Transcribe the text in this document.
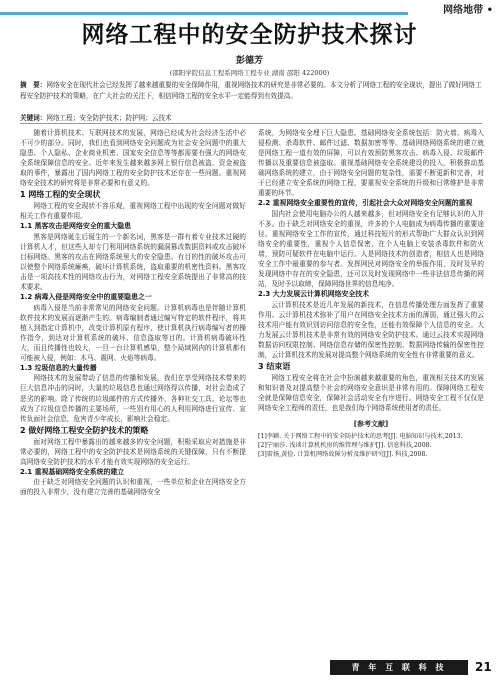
网络地带 •
网络工程中的安全防护技术探讨
彭德芳
(邵阳学院信息工程系网络工程专业 湖南 邵阳 422000)
摘　要：网络安全在现代社会已经发挥了越来越重要的安全保障作用，重视网络技术的研究是非常必要的。本文分析了网络工程的安全现状，提出了做好网络工程安全防护技术的策略，在广大社会的关注下，相信网络工程的安全水平一定能得到有效提高。
关键词：网络工程；安全防护技术；防护网；云技术
随着计算机技术、互联网技术的发展，网络已经成为社会经济生活中必不可少的部分。同时，我们也看到网络安全问题成为社会安全问题中的重大隐患。个人隐私、企业商业机密、国家安全信息等等都需要有强大的网络安全系统保障信息的安全。近年来发生越来越多网上银行信息被盗、资金被盗取的事件，暴露出了国内网络工程的安全防护技术还存在一些问题。重视网络安全技术的研究将是非常必要和有意义的。
1 网络工程的安全现状
网络工程的安全现状不容乐观，重视网络工程中出现的安全问题对做好相关工作有重要作用。
1.1 黑客攻击是网络安全的重大隐患
黑客是网络诞生后诞生的一个新名词，黑客是一群有着专业技术过硬的计算机人才，但这些人却专门利用网络系统的漏洞篡改数据资料或攻击破坏目标网络。黑客的攻击在网络系统里大的安全隐患。有目的性的破坏攻击可以使整个网络系统瘫痪，破坏计算机系统，盗取重要的机密性资料。黑客攻击是一项高技术性的网络攻击行为，对网络工程安全系统提出了非常高的技术要求。
1.2 病毒入侵是网络安全中的重要隐患之一
病毒入侵是当前非常常见的网络安全问题。计算机病毒也是伴随计算机软件技术的发展而逐渐产生的。病毒编制者通过编写特定的软件程序，将其植入到指定计算机中，改变计算机原有程序，使计算机执行病毒编写者的操作指令，到达对计算机系统的破坏、信息盗取等目的。计算机病毒破坏性大，而且传播性也较大，一旦一台计算机感染，整个局域网内的计算机都有可能被入侵，例如：木马、震网、火焰等病毒。
1.3 垃圾信息的大量传播
网络技术的发展带动了信息的传播和发展，我们在享受网络技术带来的巨大信息冲击的同时，大量的垃圾信息也通过网络得以传播，对社会造成了恶劣的影响。除了传统的垃圾邮件的方式传播外，各种社交工具、论坛等也成为了垃圾信息传播的主要场所，一些别有用心的人利用网络进行宣传、宣传负面社会信息，危害青少年成长，影响社会稳定。
2 做好网络工程安全防护技术的策略
面对网络工程中暴露出的越来越多的安全问题，积极采取应对措施是非常必要的，网络工程中的安全防护技术是网络系统的关键保障，只有不断提高网络安全防护技术的水平才能有效实现网络的安全运行。
2.1 重视基础网络安全系统的建立
由于缺乏对网络安全问题的认识和重视，一些单位和企业在网络安全方面的投入非常少，没有建立完善的基础网络安全
系统，为网络安全埋下巨大隐患。基础网络安全系统包括：防火墙、病毒入侵检测、杀毒软件、邮件过滤、数据加密等等。基础网络网络系统的建立就是网络工程一道有效的屏障，可以有效预防黑客攻击、病毒入侵、垃圾邮件传播以及重要信息被盗取。重视基础网络安全系统建设的投入，积极推动基础网络系统的建立，由于网络安全问题的复杂性，需要不断更新和完善，对于已经建立安全系统的网络工程，要重视安全系统的升级和日常维护是非常重要的环节。
2.2 重视网络安全重要性的宣传，引起社会大众对网络安全问题的重视
国内社会使用电脑办公的人越来越多，但对网络安全有足够认识的人并不多。由于缺乏对网络安全的重视，许多的个人电脑成为病毒传播的重要途径。重视网络安全工作的宣传，通过科技短片的形式帮助广大群众认识到网络安全的重要性，重视个人信息保密，在个人电脑上安装杀毒软件和防火墙，预防可疑软件在电脑中运行。人是网络技术的创造者，相信人也是网络安全工作中最重要的参与者。发挥网民对网络安全的举报作用，及时及早的发现网络中存在的安全隐患，还可以及时发现网络中一些非法信息传播的网站，及时予以取缔，保障网络世界的信息纯净。
2.3 大力发展云计算机网络安全技术
云计算机技术是近几年发展的新技术，在信息传播处理方面发挥了重要作用。云计算机技术弥补了用户在网络安全技术方面的薄弱，通过强大的云技术用户能有效识别访问信息的安全性，还能有效保障个人信息的安全。大力发展云计算机技术是非常有效的网络安全防护技术。通过云技术实现网络数据访问权限控制、网络信息存储的保密性控制、数据网络传输的保密性控制，云计算机技术的发展对提高整个网络系统的安全性有非常重要的意义。
3 结束语
网络工程安全将在社会中扮演越来越重要的角色，重视相关技术的发展和知识普及对提高整个社会的网络安全意识是非常有用的。保障网络工程安全就是保障信息安全，保障社会活动安全有序进行。网络安全工程不仅仅是网络安全工程师的责任，也是我们每个网络系统使用者的责任。
[参考文献]
[1]李颖. 关于网络工程中的安全防护技术的思考[J]. 电脑知识与技术,2013.
[2]宁丽莎. 浅谈计算机机房的维管理与维护[J]. 信息科技,2008.
[3]雷扬,黄俭. 计算机网络故障分析及维护研究[J]. 科技,2008.
青 年 互 联 科 技	21
